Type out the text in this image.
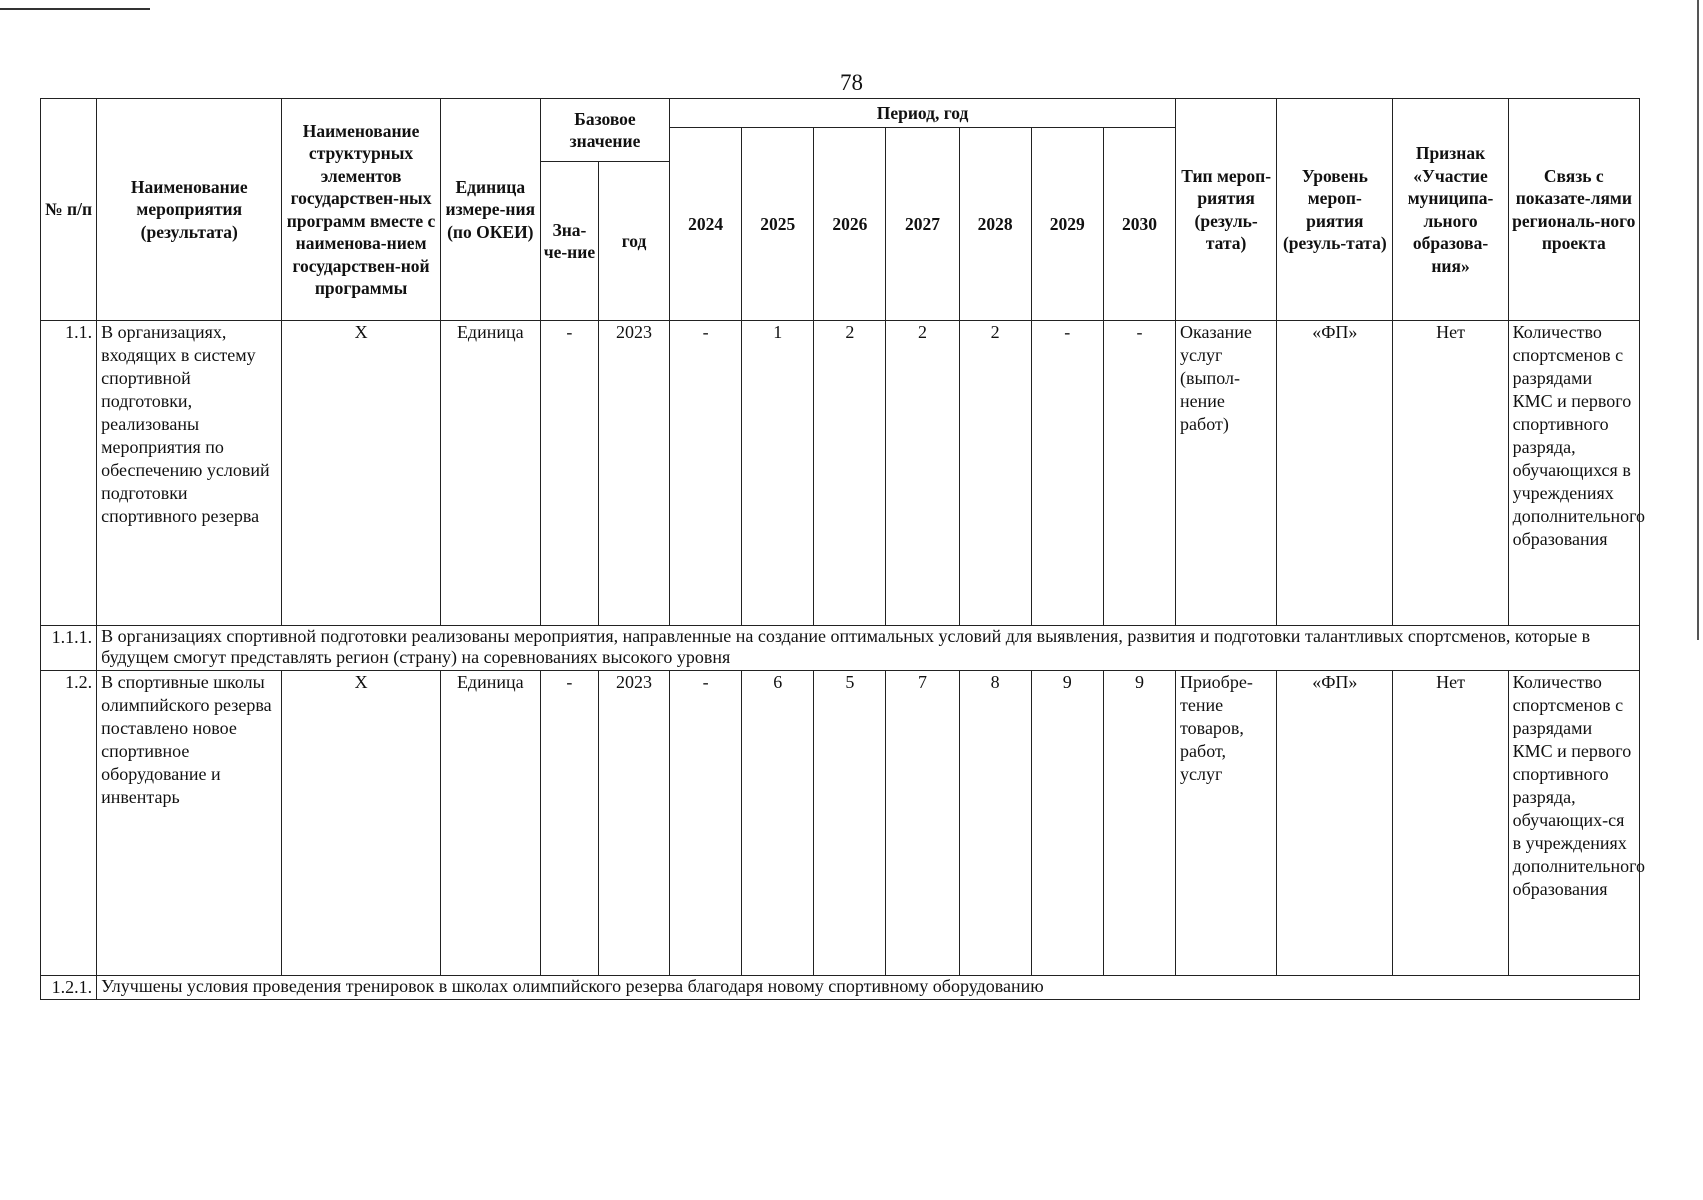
78
№ п/п	Наименование мероприятия (результата)	Наименование структурных элементов государствен-ных программ вместе с наименова-нием государствен-ной программы	Единица измере-ния (по ОКЕИ)	Базовое значение		Период, год							Тип мероп-риятия (резуль-тата)	Уровень мероп-риятия (резуль-тата)	Признак «Участие муниципа-льного образова-ния»	Связь с показате-лями региональ-ного проекта
						2024	2025	2026	2027	2028	2029	2030				
				Зна-че-ние	год											
1.1.	В организациях, входящих в систему спортивной подготовки, реализованы мероприятия по обеспечению условий подготовки спортивного резерва	X	Единица	-	2023	-	1	2	2	2	-	-	Оказание услуг (выпол-нение работ)	«ФП»	Нет	Количество спортсменов с разрядами КМС и первого спортивного разряда, обучающихся в учреждениях дополнительного образования
1.1.1.	В организациях спортивной подготовки реализованы мероприятия, направленные на создание оптимальных условий для выявления, развития и подготовки талантливых спортсменов, которые в будущем смогут представлять регион (страну) на соревнованиях высокого уровня															
1.2.	В спортивные школы олимпийского резерва поставлено новое спортивное оборудование и инвентарь	X	Единица	-	2023	-	6	5	7	8	9	9	Приобре-тение товаров, работ, услуг	«ФП»	Нет	Количество спортсменов с разрядами КМС и первого спортивного разряда, обучающих-ся в учреждениях дополнительного образования
1.2.1.	Улучшены условия проведения тренировок в школах олимпийского резерва благодаря новому спортивному оборудованию															
